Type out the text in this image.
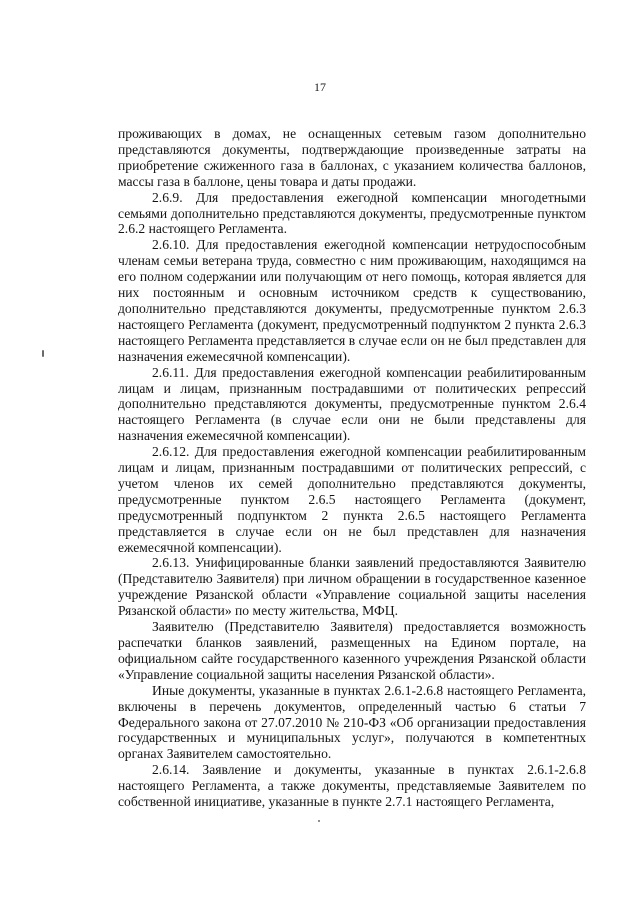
17

проживающих в домах, не оснащенных сетевым газом дополнительно представляются документы, подтверждающие произведенные затраты на приобретение сжиженного газа в баллонах, с указанием количества баллонов, массы газа в баллоне, цены товара и даты продажи.

2.6.9. Для предоставления ежегодной компенсации многодетными семьями дополнительно представляются документы, предусмотренные пунктом 2.6.2 настоящего Регламента.

2.6.10. Для предоставления ежегодной компенсации нетрудоспособным членам семьи ветерана труда, совместно с ним проживающим, находящимся на его полном содержании или получающим от него помощь, которая является для них постоянным и основным источником средств к существованию, дополнительно представляются документы, предусмотренные пунктом 2.6.3 настоящего Регламента (документ, предусмотренный подпунктом 2 пункта 2.6.3 настоящего Регламента представляется в случае если он не был представлен для назначения ежемесячной компенсации).

2.6.11. Для предоставления ежегодной компенсации реабилитированным лицам и лицам, признанным пострадавшими от политических репрессий дополнительно представляются документы, предусмотренные пунктом 2.6.4 настоящего Регламента (в случае если они не были представлены для назначения ежемесячной компенсации).

2.6.12. Для предоставления ежегодной компенсации реабилитированным лицам и лицам, признанным пострадавшими от политических репрессий, с учетом членов их семей дополнительно представляются документы, предусмотренные пунктом 2.6.5 настоящего Регламента (документ, предусмотренный подпунктом 2 пункта 2.6.5 настоящего Регламента представляется в случае если он не был представлен для назначения ежемесячной компенсации).

2.6.13. Унифицированные бланки заявлений предоставляются Заявителю (Представителю Заявителя) при личном обращении в государственное казенное учреждение Рязанской области «Управление социальной защиты населения Рязанской области» по месту жительства, МФЦ.

Заявителю (Представителю Заявителя) предоставляется возможность распечатки бланков заявлений, размещенных на Едином портале, на официальном сайте государственного казенного учреждения Рязанской области «Управление социальной защиты населения Рязанской области».

Иные документы, указанные в пунктах 2.6.1-2.6.8 настоящего Регламента, включены в перечень документов, определенный частью 6 статьи 7 Федерального закона от 27.07.2010 № 210-ФЗ «Об организации предоставления государственных и муниципальных услуг», получаются в компетентных органах Заявителем самостоятельно.

2.6.14. Заявление и документы, указанные в пунктах 2.6.1-2.6.8 настоящего Регламента, а также документы, представляемые Заявителем по собственной инициативе, указанные в пункте 2.7.1 настоящего Регламента,
